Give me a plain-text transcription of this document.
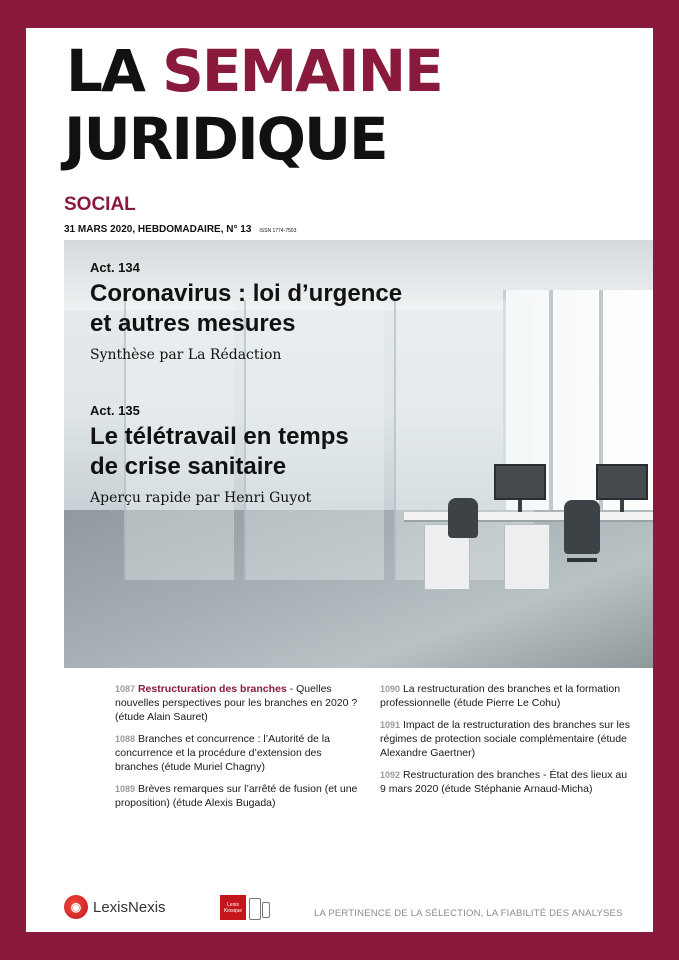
LA SEMAINE
JURIDIQUE
SOCIAL
31 MARS 2020, HEBDOMADAIRE, N° 13 ISSN 1774-7503
Act. 134
Coronavirus : loi d’urgence
et autres mesures
Synthèse par La Rédaction
Act. 135
Le télétravail en temps
de crise sanitaire
Aperçu rapide par Henri Guyot
1087 Restructuration des branches - Quelles nouvelles perspectives pour les branches en 2020 ? (étude Alain Sauret)
1088 Branches et concurrence : l’Autorité de la concurrence et la procédure d’extension des branches (étude Muriel Chagny)
1089 Brèves remarques sur l’arrêté de fusion (et une proposition) (étude Alexis Bugada)
1090 La restructuration des branches et la formation professionnelle (étude Pierre Le Cohu)
1091 Impact de la restructuration des branches sur les régimes de protection sociale complémentaire (étude Alexandre Gaertner)
1092 Restructuration des branches - État des lieux au 9 mars 2020 (étude Stéphanie Arnaud-Micha)
◉ LexisNexis	Lexis
Kiosque	LA PERTINENCE DE LA SÉLECTION, LA FIABILITÉ DES ANALYSES
